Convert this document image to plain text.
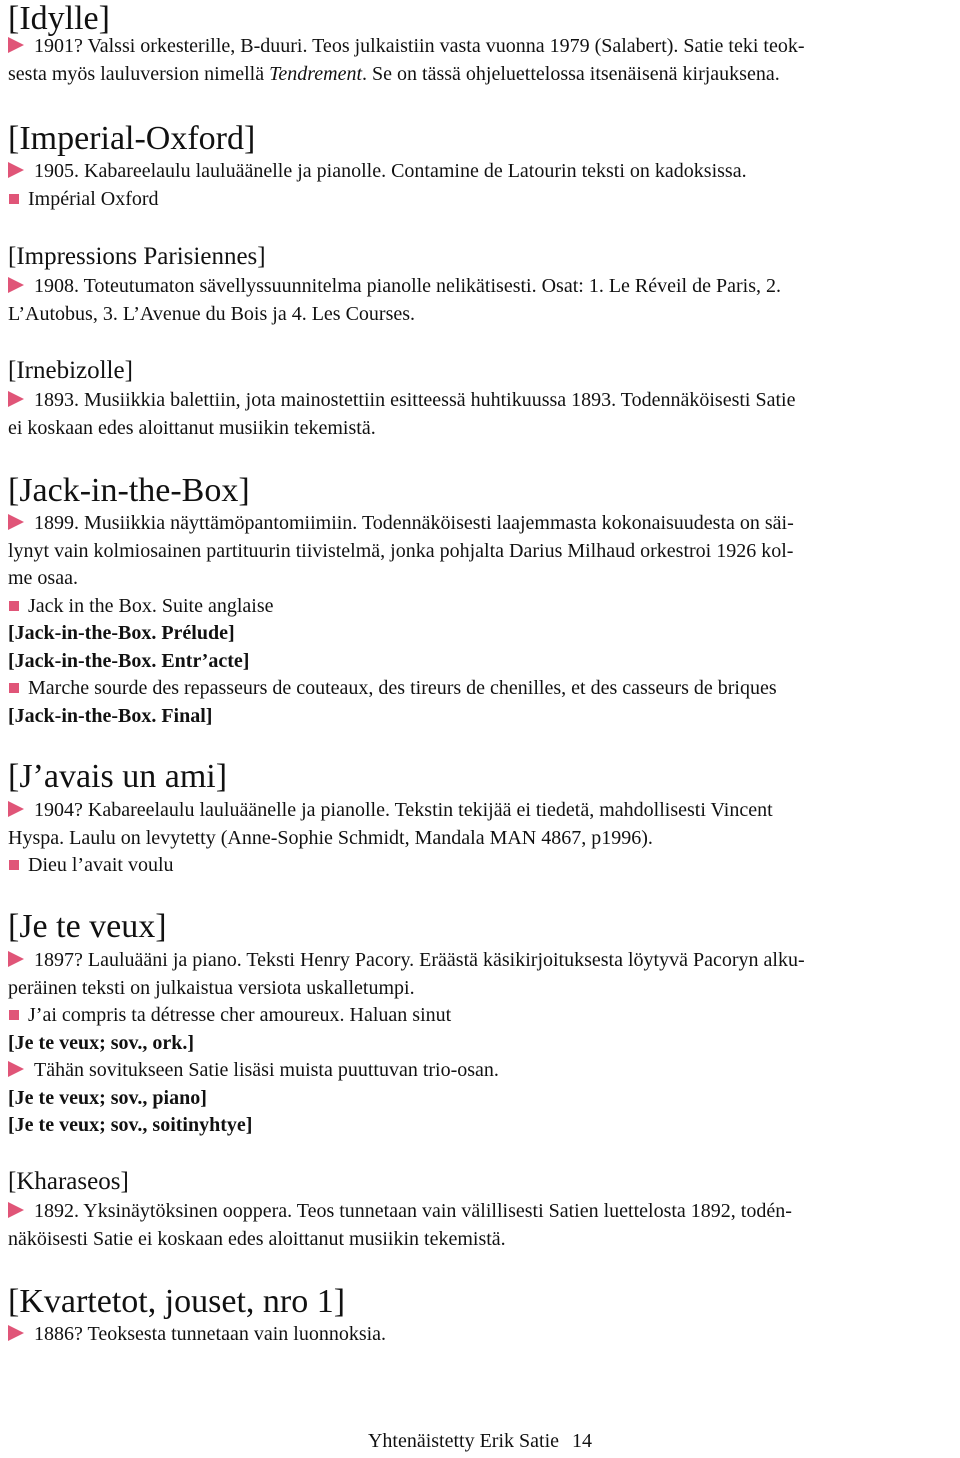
[Idylle]

1901? Valssi orkesterille, B-duuri. Teos julkaistiin vasta vuonna 1979 (Salabert). Satie teki teok-

sesta myös lauluversion nimellä Tendrement. Se on tässä ohjeluettelossa itsenäisenä kirjauksena.

[Imperial-Oxford]

1905. Kabareelaulu lauluäänelle ja pianolle. Contamine de Latourin teksti on kadoksissa.

Impérial Oxford

[Impressions Parisiennes]

1908. Toteutumaton sävellyssuunnitelma pianolle nelikätisesti. Osat: 1. Le Réveil de Paris, 2.

L’Autobus, 3. L’Avenue du Bois ja 4. Les Courses.

[Irnebizolle]

1893. Musiikkia balettiin, jota mainostettiin esitteessä huhtikuussa 1893. Todennäköisesti Satie

ei koskaan edes aloittanut musiikin tekemistä.

[Jack-in-the-Box]

1899. Musiikkia näyttämöpantomiimiin. Todennäköisesti laajemmasta kokonaisuudesta on säi-

lynyt vain kolmiosainen partituurin tiivistelmä, jonka pohjalta Darius Milhaud orkestroi 1926 kol-

me osaa.

Jack in the Box. Suite anglaise

[Jack-in-the-Box. Prélude]

[Jack-in-the-Box. Entr’acte]

Marche sourde des repasseurs de couteaux, des tireurs de chenilles, et des casseurs de briques

[Jack-in-the-Box. Final]

[J’avais un ami]

1904? Kabareelaulu lauluäänelle ja pianolle. Tekstin tekijää ei tiedetä, mahdollisesti Vincent

Hyspa. Laulu on levytetty (Anne-Sophie Schmidt, Mandala MAN 4867, p1996).

Dieu l’avait voulu

[Je te veux]

1897? Lauluääni ja piano. Teksti Henry Pacory. Eräästä käsikirjoituksesta löytyvä Pacoryn alku-

peräinen teksti on julkaistua versiota uskalletumpi.

J’ai compris ta détresse cher amoureux. Haluan sinut

[Je te veux; sov., ork.]

Tähän sovitukseen Satie lisäsi muista puuttuvan trio-osan.

[Je te veux; sov., piano]

[Je te veux; sov., soitinyhtye]

[Kharaseos]

1892. Yksinäytöksinen ooppera. Teos tunnetaan vain välillisesti Satien luettelosta 1892, todén-

näköisesti Satie ei koskaan edes aloittanut musiikin tekemistä.

[Kvartetot, jouset, nro 1]

1886? Teoksesta tunnetaan vain luonnoksia.

Yhtenäistetty Erik Satie 14
